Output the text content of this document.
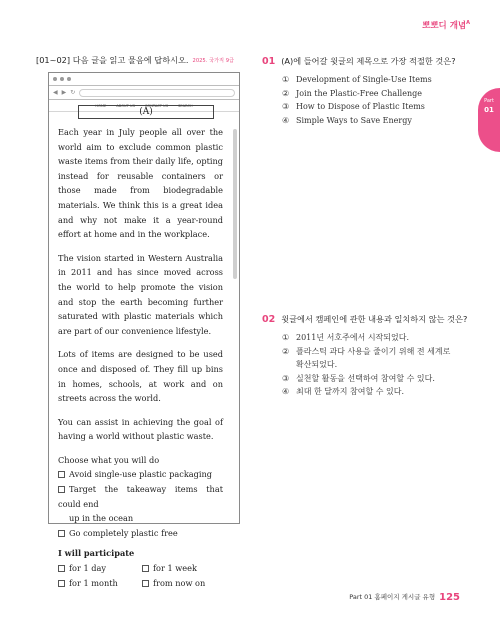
뽀뽀디 개념$^A$
Part
01
[01~02] 다음 글을 읽고 물음에 답하시오. 2025. 국가직 9급
◀ ▶ ↻
HOME	ABOUT US	CONTACT US	SEARCH
(A)

Each year in July people all over the world aim to exclude common plastic waste items from their daily life, opting instead for reusable containers or those made from biodegradable materials. We think this is a great idea and why not make it a year-round effort at home and in the workplace.

The vision started in Western Australia in 2011 and has since moved across the world to help promote the vision and stop the earth becoming further saturated with plastic materials which are part of our convenience lifestyle.

Lots of items are designed to be used once and disposed of. They fill up bins in homes, schools, at work and on streets across the world.

You can assist in achieving the goal of having a world without plastic waste.

Choose what you will do
Avoid single-use plastic packaging
Target the takeaway items that could end
up in the ocean
Go completely plastic free
I will participate
for 1 day	for 1 week
for 1 month	from now on
01 (A)에 들어갈 윗글의 제목으로 가장 적절한 것은?
① Development of Single-Use Items
② Join the Plastic-Free Challenge
③ How to Dispose of Plastic Items
④ Simple Ways to Save Energy
02 윗글에서 캠페인에 관한 내용과 일치하지 않는 것은?
① 2011년 서호주에서 시작되었다.
② 플라스틱 과다 사용을 줄이기 위해 전 세계로
확산되었다.
③ 실천할 활동을 선택하여 참여할 수 있다.
④ 최대 한 달까지 참여할 수 있다.
Part 01 홈페이지 게시글 유형 125
